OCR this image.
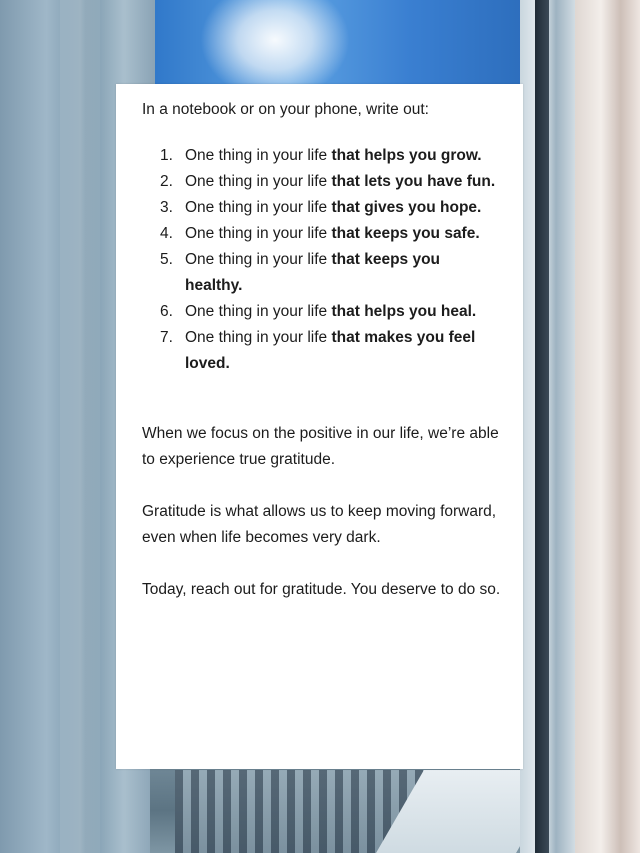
In a notebook or on your phone, write out:

1. One thing in your life that helps you grow.
2. One thing in your life that lets you have fun.
3. One thing in your life that gives you hope.
4. One thing in your life that keeps you safe.
5. One thing in your life that keeps you healthy.
6. One thing in your life that helps you heal.
7. One thing in your life that makes you feel loved.

When we focus on the positive in our life, we’re able to experience true gratitude.

Gratitude is what allows us to keep moving forward, even when life becomes very dark.

Today, reach out for gratitude. You deserve to do so.
